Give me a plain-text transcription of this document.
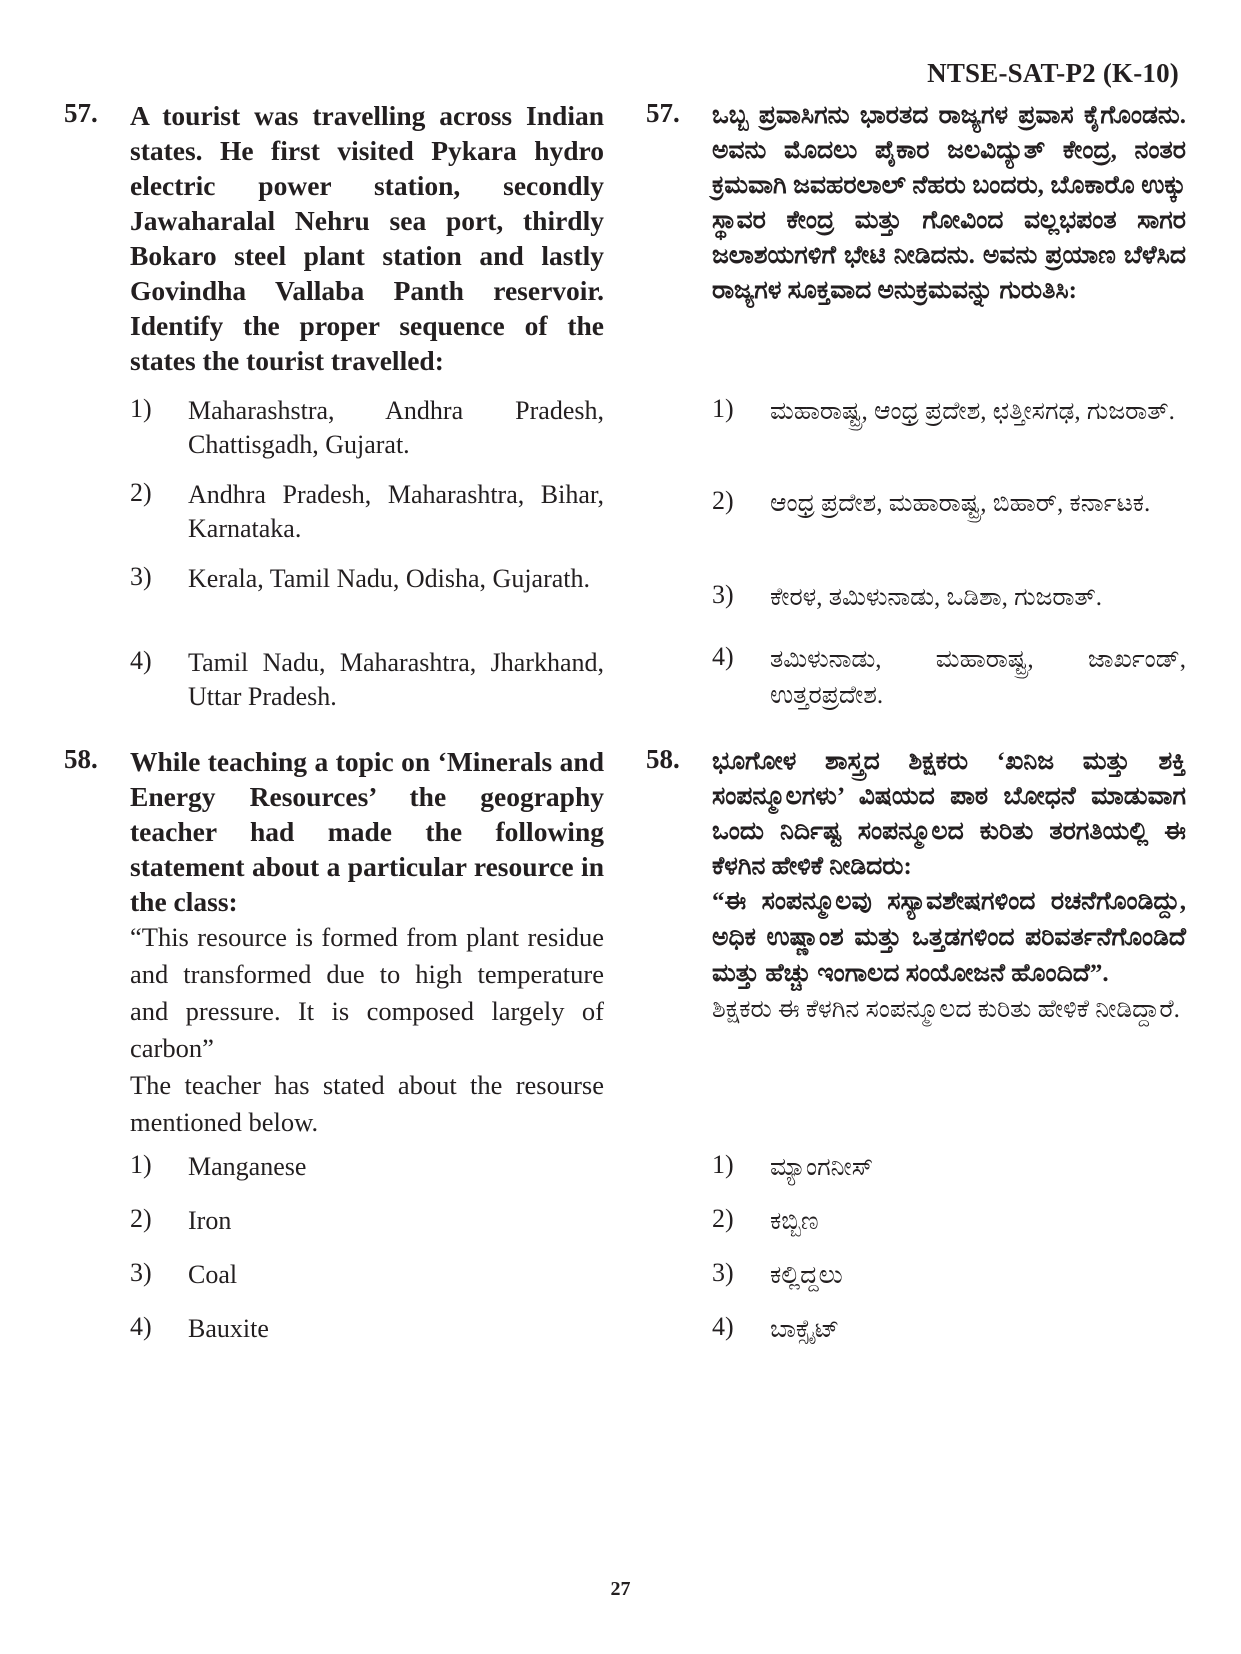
NTSE-SAT-P2 (K-10)
57. A tourist was travelling across Indian states. He first visited Pykara hydro electric power station, secondly Jawaharalal Nehru sea port, thirdly Bokaro steel plant station and lastly Govindha Vallaba Panth reservoir. Identify the proper sequence of the states the tourist travelled:
1) Maharashstra, Andhra Pradesh, Chattisgadh, Gujarat.
2) Andhra Pradesh, Maharashtra, Bihar, Karnataka.
3) Kerala, Tamil Nadu, Odisha, Gujarath.
4) Tamil Nadu, Maharashtra, Jharkhand, Uttar Pradesh.
58. While teaching a topic on ‘Minerals and Energy Resources’ the geography teacher had made the following statement about a particular resource in the class:
“This resource is formed from plant residue and transformed due to high temperature and pressure. It is composed largely of carbon”
The teacher has stated about the resourse mentioned below.
1) Manganese
2) Iron
3) Coal
4) Bauxite
57. ಒಬ್ಬ ಪ್ರವಾಸಿಗನು ಭಾರತದ ರಾಜ್ಯಗಳ ಪ್ರವಾಸ ಕೈಗೊಂಡನು. ಅವನು ಮೊದಲು ಪೈಕಾರ ಜಲವಿದ್ಯುತ್ ಕೇಂದ್ರ, ನಂತರ ಕ್ರಮವಾಗಿ ಜವಹರಲಾಲ್ ನೆಹರು ಬಂದರು, ಬೊಕಾರೊ ಉಕ್ಕು ಸ್ಥಾವರ ಕೇಂದ್ರ ಮತ್ತು ಗೋವಿಂದ ವಲ್ಲಭಪಂತ ಸಾಗರ ಜಲಾಶಯಗಳಿಗೆ ಭೇಟಿ ನೀಡಿದನು. ಅವನು ಪ್ರಯಾಣ ಬೆಳೆಸಿದ ರಾಜ್ಯಗಳ ಸೂಕ್ತವಾದ ಅನುಕ್ರಮವನ್ನು ಗುರುತಿಸಿ:
1) ಮಹಾರಾಷ್ಟ್ರ, ಆಂಧ್ರ ಪ್ರದೇಶ, ಛತ್ತೀಸಗಢ, ಗುಜರಾತ್.
2) ಆಂಧ್ರ ಪ್ರದೇಶ, ಮಹಾರಾಷ್ಟ್ರ, ಬಿಹಾರ್, ಕರ್ನಾಟಕ.
3) ಕೇರಳ, ತಮಿಳುನಾಡು, ಒಡಿಶಾ, ಗುಜರಾತ್.
4) ತಮಿಳುನಾಡು, ಮಹಾರಾಷ್ಟ್ರ, ಜಾರ್ಖಂಡ್, ಉತ್ತರಪ್ರದೇಶ.
58. ಭೂಗೋಳ ಶಾಸ್ತ್ರದ ಶಿಕ್ಷಕರು ‘ಖನಿಜ ಮತ್ತು ಶಕ್ತಿ ಸಂಪನ್ಮೂಲಗಳು’ ವಿಷಯದ ಪಾಠ ಬೋಧನೆ ಮಾಡುವಾಗ ಒಂದು ನಿರ್ದಿಷ್ಟ ಸಂಪನ್ಮೂಲದ ಕುರಿತು ತರಗತಿಯಲ್ಲಿ ಈ ಕೆಳಗಿನ ಹೇಳಿಕೆ ನೀಡಿದರು:
“ಈ ಸಂಪನ್ಮೂಲವು ಸಸ್ಯಾವಶೇಷಗಳಿಂದ ರಚನೆಗೊಂಡಿದ್ದು, ಅಧಿಕ ಉಷ್ಣಾಂಶ ಮತ್ತು ಒತ್ತಡಗಳಿಂದ ಪರಿವರ್ತನೆಗೊಂಡಿದೆ ಮತ್ತು ಹೆಚ್ಚು ಇಂಗಾಲದ ಸಂಯೋಜನೆ ಹೊಂದಿದೆ”.
ಶಿಕ್ಷಕರು ಈ ಕೆಳಗಿನ ಸಂಪನ್ಮೂಲದ ಕುರಿತು ಹೇಳಿಕೆ ನೀಡಿದ್ದಾರೆ.
1) ಮ್ಯಾಂಗನೀಸ್
2) ಕಬ್ಬಿಣ
3) ಕಲ್ಲಿದ್ದಲು
4) ಬಾಕ್ಸೈಟ್
27
